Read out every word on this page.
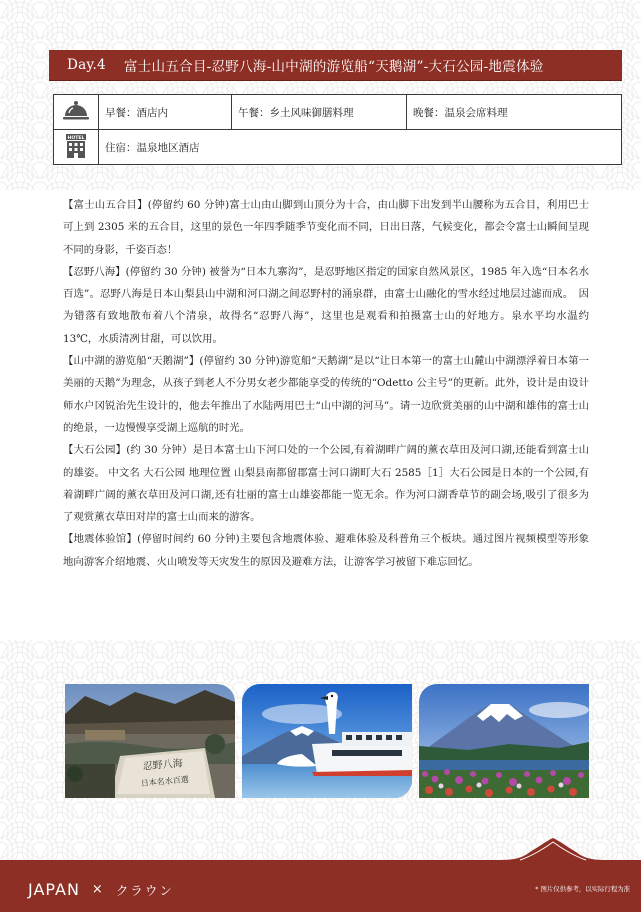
Day.4 富士山五合目-忍野八海-山中湖的游览船“天鹅湖”-大石公园-地震体验
	早餐：酒店内	午餐：乡土风味御膳料理	晚餐：温泉会席料理

HOTEL	住宿：温泉地区酒店		

【富士山五合目】(停留约 60 分钟)富士山由山脚到山顶分为十合，由山脚下出发到半山腰称为五合目，利用巴士可上到 2305 米的五合目，这里的景色一年四季随季节变化而不同，日出日落，气候变化，都会令富士山瞬间呈现不同的身影，千姿百态！

【忍野八海】(停留约 30 分钟) 被誉为“日本九寨沟”，是忍野地区指定的国家自然风景区，1985 年入选“日本名水百选”。忍野八海是日本山梨县山中湖和河口湖之间忍野村的涌泉群，由富士山融化的雪水经过地层过滤而成。　因为错落有致地散布着八个清泉，故得名“忍野八海”，这里也是观看和拍摄富士山的好地方。泉水平均水温约 13℃，水质清冽甘甜，可以饮用。

【山中湖的游览船“天鹅湖”】(停留约 30 分钟)游览船“天鹅湖”是以“让日本第一的富士山麓山中湖漂浮着日本第一美丽的天鹅”为理念，从孩子到老人不分男女老少都能享受的传统的“Odetto 公主号”的更新。此外，设计是由设计师水户冈锐治先生设计的，他去年推出了水陆两用巴士“山中湖的河马”。请一边欣赏美丽的山中湖和雄伟的富士山的绝景，一边慢慢享受湖上巡航的时光。

【大石公园】(约 30 分钟）是日本富士山下河口处的一个公园,有着湖畔广阔的薰衣草田及河口湖,还能看到富士山的雄姿。 中文名 大石公园 地理位置 山梨县南都留郡富士河口湖町大石 2585［1］大石公园是日本的一个公园,有着湖畔广阔的薰衣草田及河口湖,还有壮丽的富士山雄姿都能一览无余。作为河口湖香草节的副会场,吸引了很多为了观赏薰衣草田对岸的富士山而来的游客。

【地震体验馆】(停留时间约 60 分钟)主要包含地震体验、避难体验及科普角三个板块。通过图片视频模型等形象地向游客介绍地震、火山喷发等天灾发生的原因及避难方法，让游客学习被留下难忘回忆。

忍野八海
日本名水百選
JAPAN × クラウン	* 图片仅供参考，以实际行程为准
